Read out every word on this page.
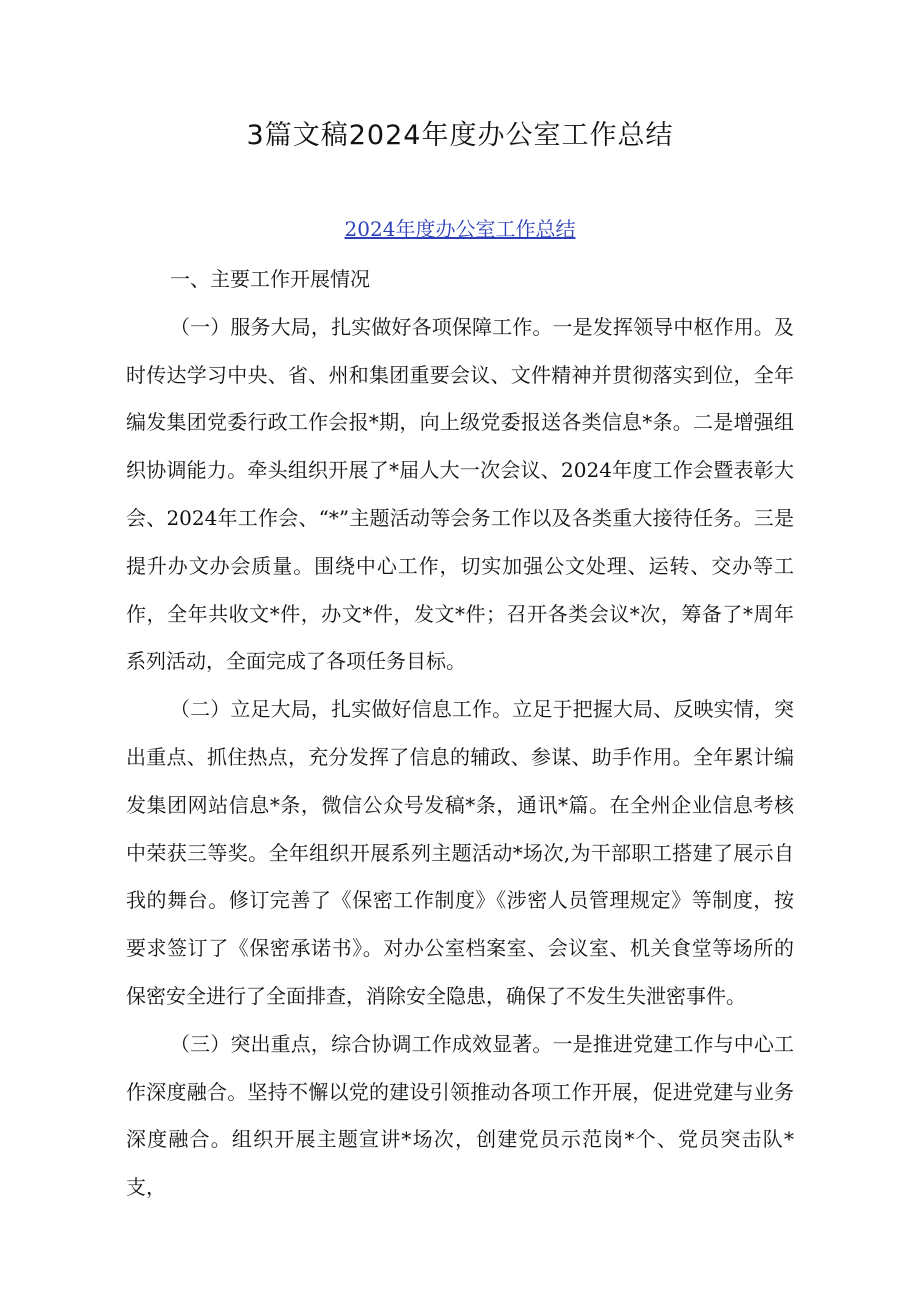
3篇文稿2024年度办公室工作总结
2024年度办公室工作总结

一、主要工作开展情况

（一）服务大局，扎实做好各项保障工作。一是发挥领导中枢作用。及时传达学习中央、省、州和集团重要会议、文件精神并贯彻落实到位，全年编发集团党委行政工作会报*期，向上级党委报送各类信息*条。二是增强组织协调能力。牵头组织开展了*届人大一次会议、2024年度工作会暨表彰大会、2024年工作会、“*”主题活动等会务工作以及各类重大接待任务。三是提升办文办会质量。围绕中心工作，切实加强公文处理、运转、交办等工作，全年共收文*件，办文*件，发文*件；召开各类会议*次，筹备了*周年系列活动，全面完成了各项任务目标。

（二）立足大局，扎实做好信息工作。立足于把握大局、反映实情，突出重点、抓住热点，充分发挥了信息的辅政、参谋、助手作用。全年累计编发集团网站信息*条，微信公众号发稿*条，通讯*篇。在全州企业信息考核中荣获三等奖。全年组织开展系列主题活动*场次,为干部职工搭建了展示自我的舞台。修订完善了《保密工作制度》《涉密人员管理规定》等制度，按要求签订了《保密承诺书》。对办公室档案室、会议室、机关食堂等场所的保密安全进行了全面排查，消除安全隐患，确保了不发生失泄密事件。

（三）突出重点，综合协调工作成效显著。一是推进党建工作与中心工作深度融合。坚持不懈以党的建设引领推动各项工作开展，促进党建与业务深度融合。组织开展主题宣讲*场次，创建党员示范岗*个、党员突击队*支，
